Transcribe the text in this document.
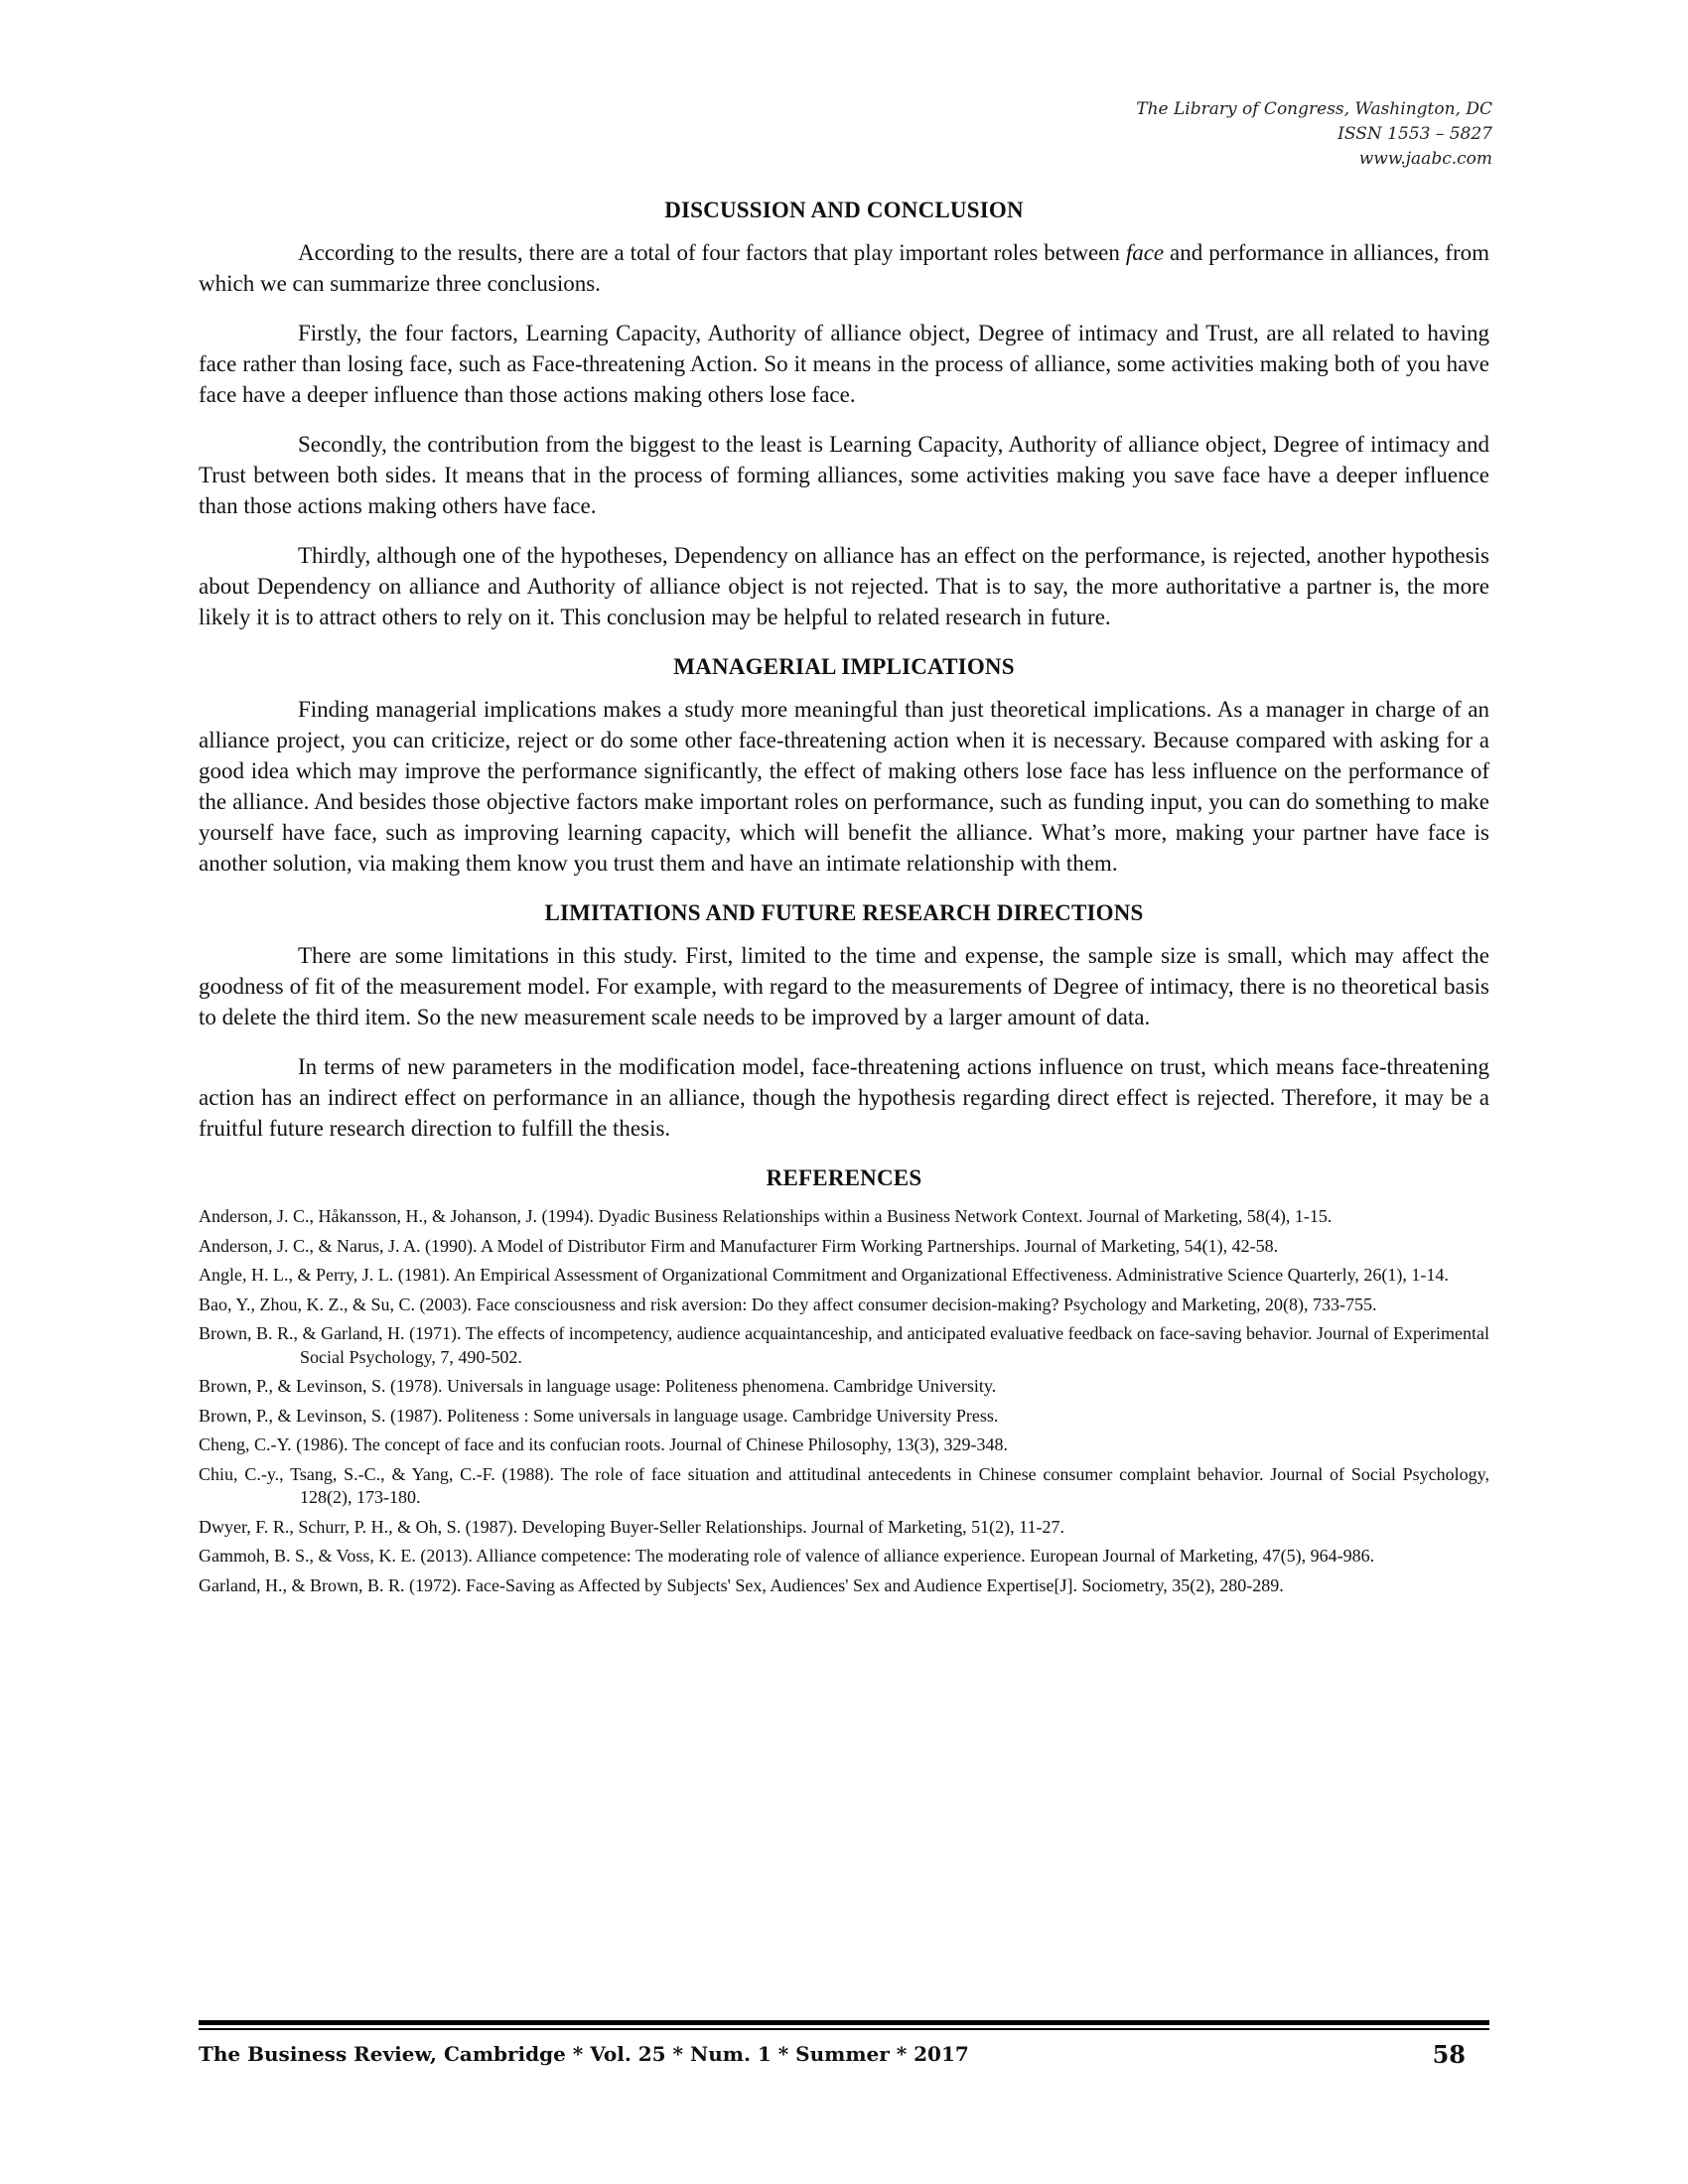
The Library of Congress, Washington, DC
ISSN 1553 – 5827
www.jaabc.com
DISCUSSION AND CONCLUSION

According to the results, there are a total of four factors that play important roles between face and performance in alliances, from which we can summarize three conclusions.

Firstly, the four factors, Learning Capacity, Authority of alliance object, Degree of intimacy and Trust, are all related to having face rather than losing face, such as Face-threatening Action. So it means in the process of alliance, some activities making both of you have face have a deeper influence than those actions making others lose face.

Secondly, the contribution from the biggest to the least is Learning Capacity, Authority of alliance object, Degree of intimacy and Trust between both sides. It means that in the process of forming alliances, some activities making you save face have a deeper influence than those actions making others have face.

Thirdly, although one of the hypotheses, Dependency on alliance has an effect on the performance, is rejected, another hypothesis about Dependency on alliance and Authority of alliance object is not rejected. That is to say, the more authoritative a partner is, the more likely it is to attract others to rely on it. This conclusion may be helpful to related research in future.

MANAGERIAL IMPLICATIONS

Finding managerial implications makes a study more meaningful than just theoretical implications. As a manager in charge of an alliance project, you can criticize, reject or do some other face-threatening action when it is necessary. Because compared with asking for a good idea which may improve the performance significantly, the effect of making others lose face has less influence on the performance of the alliance. And besides those objective factors make important roles on performance, such as funding input, you can do something to make yourself have face, such as improving learning capacity, which will benefit the alliance. What’s more, making your partner have face is another solution, via making them know you trust them and have an intimate relationship with them.

LIMITATIONS AND FUTURE RESEARCH DIRECTIONS

There are some limitations in this study. First, limited to the time and expense, the sample size is small, which may affect the goodness of fit of the measurement model. For example, with regard to the measurements of Degree of intimacy, there is no theoretical basis to delete the third item. So the new measurement scale needs to be improved by a larger amount of data.

In terms of new parameters in the modification model, face-threatening actions influence on trust, which means face-threatening action has an indirect effect on performance in an alliance, though the hypothesis regarding direct effect is rejected. Therefore, it may be a fruitful future research direction to fulfill the thesis.

REFERENCES
Anderson, J. C., Håkansson, H., & Johanson, J. (1994). Dyadic Business Relationships within a Business Network Context. Journal of Marketing, 58(4), 1-15.
Anderson, J. C., & Narus, J. A. (1990). A Model of Distributor Firm and Manufacturer Firm Working Partnerships. Journal of Marketing, 54(1), 42-58.
Angle, H. L., & Perry, J. L. (1981). An Empirical Assessment of Organizational Commitment and Organizational Effectiveness. Administrative Science Quarterly, 26(1), 1-14.
Bao, Y., Zhou, K. Z., & Su, C. (2003). Face consciousness and risk aversion: Do they affect consumer decision-making? Psychology and Marketing, 20(8), 733-755.
Brown, B. R., & Garland, H. (1971). The effects of incompetency, audience acquaintanceship, and anticipated evaluative feedback on face-saving behavior. Journal of Experimental Social Psychology, 7, 490-502.
Brown, P., & Levinson, S. (1978). Universals in language usage: Politeness phenomena. Cambridge University.
Brown, P., & Levinson, S. (1987). Politeness : Some universals in language usage. Cambridge University Press.
Cheng, C.-Y. (1986). The concept of face and its confucian roots. Journal of Chinese Philosophy, 13(3), 329-348.
Chiu, C.-y., Tsang, S.-C., & Yang, C.-F. (1988). The role of face situation and attitudinal antecedents in Chinese consumer complaint behavior. Journal of Social Psychology, 128(2), 173-180.
Dwyer, F. R., Schurr, P. H., & Oh, S. (1987). Developing Buyer-Seller Relationships. Journal of Marketing, 51(2), 11-27.
Gammoh, B. S., & Voss, K. E. (2013). Alliance competence: The moderating role of valence of alliance experience. European Journal of Marketing, 47(5), 964-986.
Garland, H., & Brown, B. R. (1972). Face-Saving as Affected by Subjects' Sex, Audiences' Sex and Audience Expertise[J]. Sociometry, 35(2), 280-289.
The Business Review, Cambridge * Vol. 25 * Num. 1 * Summer * 2017	58
